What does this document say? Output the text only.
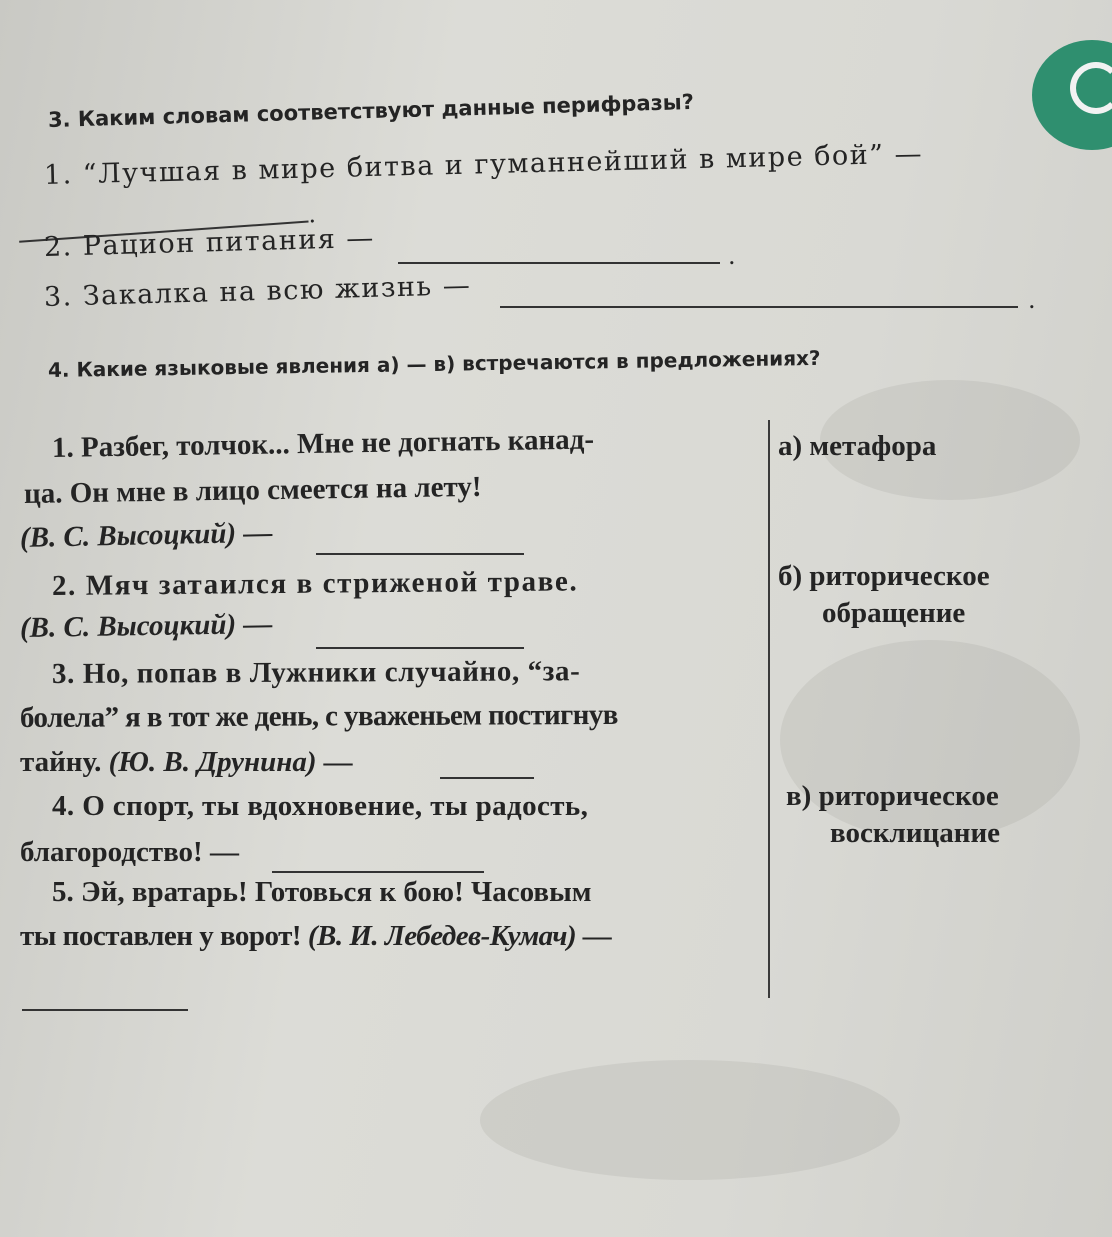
3. Каким словам соответствуют данные перифразы?
1. “Лучшая в мире битва и гуманнейший в мире бой” —
.
2. Рацион питания —	.
3. Закалка на всю жизнь —	.
4. Какие языковые явления а) — в) встречаются в предложениях?
1. Разбег, толчок... Мне не догнать канад-
ца. Он мне в лицо смеется на лету!
(В. С. Высоцкий) —
2. Мяч затаился в стриженой траве.
(В. С. Высоцкий) —
3. Но, попав в Лужники случайно, “за-
болела” я в тот же день, с уваженьем постигнув
тайну. (Ю. В. Друнина) —
4. О спорт, ты вдохновение, ты радость,
благородство! —
5. Эй, вратарь! Готовься к бою! Часовым
ты поставлен у ворот! (В. И. Лебедев-Кумач) —
а) метафора
б) риторическое
обращение
в) риторическое
восклицание
